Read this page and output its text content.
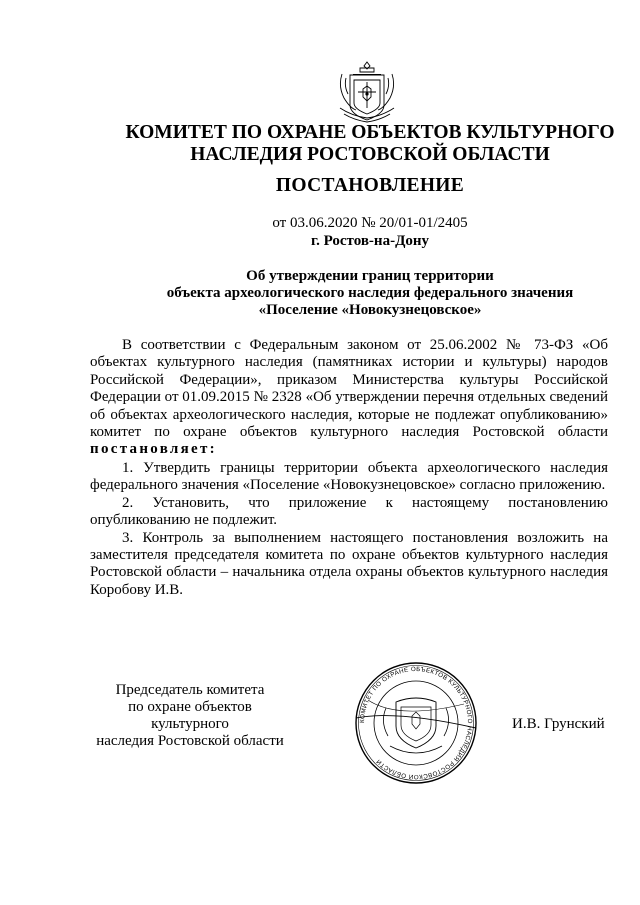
КОМИТЕТ ПО ОХРАНЕ ОБЪЕКТОВ КУЛЬТУРНОГО
НАСЛЕДИЯ РОСТОВСКОЙ ОБЛАСТИ
ПОСТАНОВЛЕНИЕ
от 03.06.2020 № 20/01-01/2405
г. Ростов-на-Дону
Об утверждении границ территории
объекта археологического наследия федерального значения
«Поселение «Новокузнецовское»
В соответствии с Федеральным законом от 25.06.2002 № 73-ФЗ «Об объектах культурного наследия (памятниках истории и культуры) народов Российской Федерации», приказом Министерства культуры Российской Федерации от 01.09.2015 № 2328 «Об утверждении перечня отдельных сведений об объектах археологического наследия, которые не подлежат опубликованию» комитет по охране объектов культурного наследия Ростовской области постановляет:

1. Утвердить границы территории объекта археологического наследия федерального значения «Поселение «Новокузнецовское» согласно приложению.

2. Установить, что приложение к настоящему постановлению опубликованию не подлежит.

3. Контроль за выполнением настоящего постановления возложить на заместителя председателя комитета по охране объектов культурного наследия Ростовской области – начальника отдела охраны объектов культурного наследия Коробову И.В.

Председатель комитета
по охране объектов культурного
наследия Ростовской области
КОМИТЕТ ПО ОХРАНЕ ОБЪЕКТОВ КУЛЬТУРНОГО НАСЛЕДИЯ РОСТОВСКОЙ ОБЛАСТИ
И.В. Грунский
